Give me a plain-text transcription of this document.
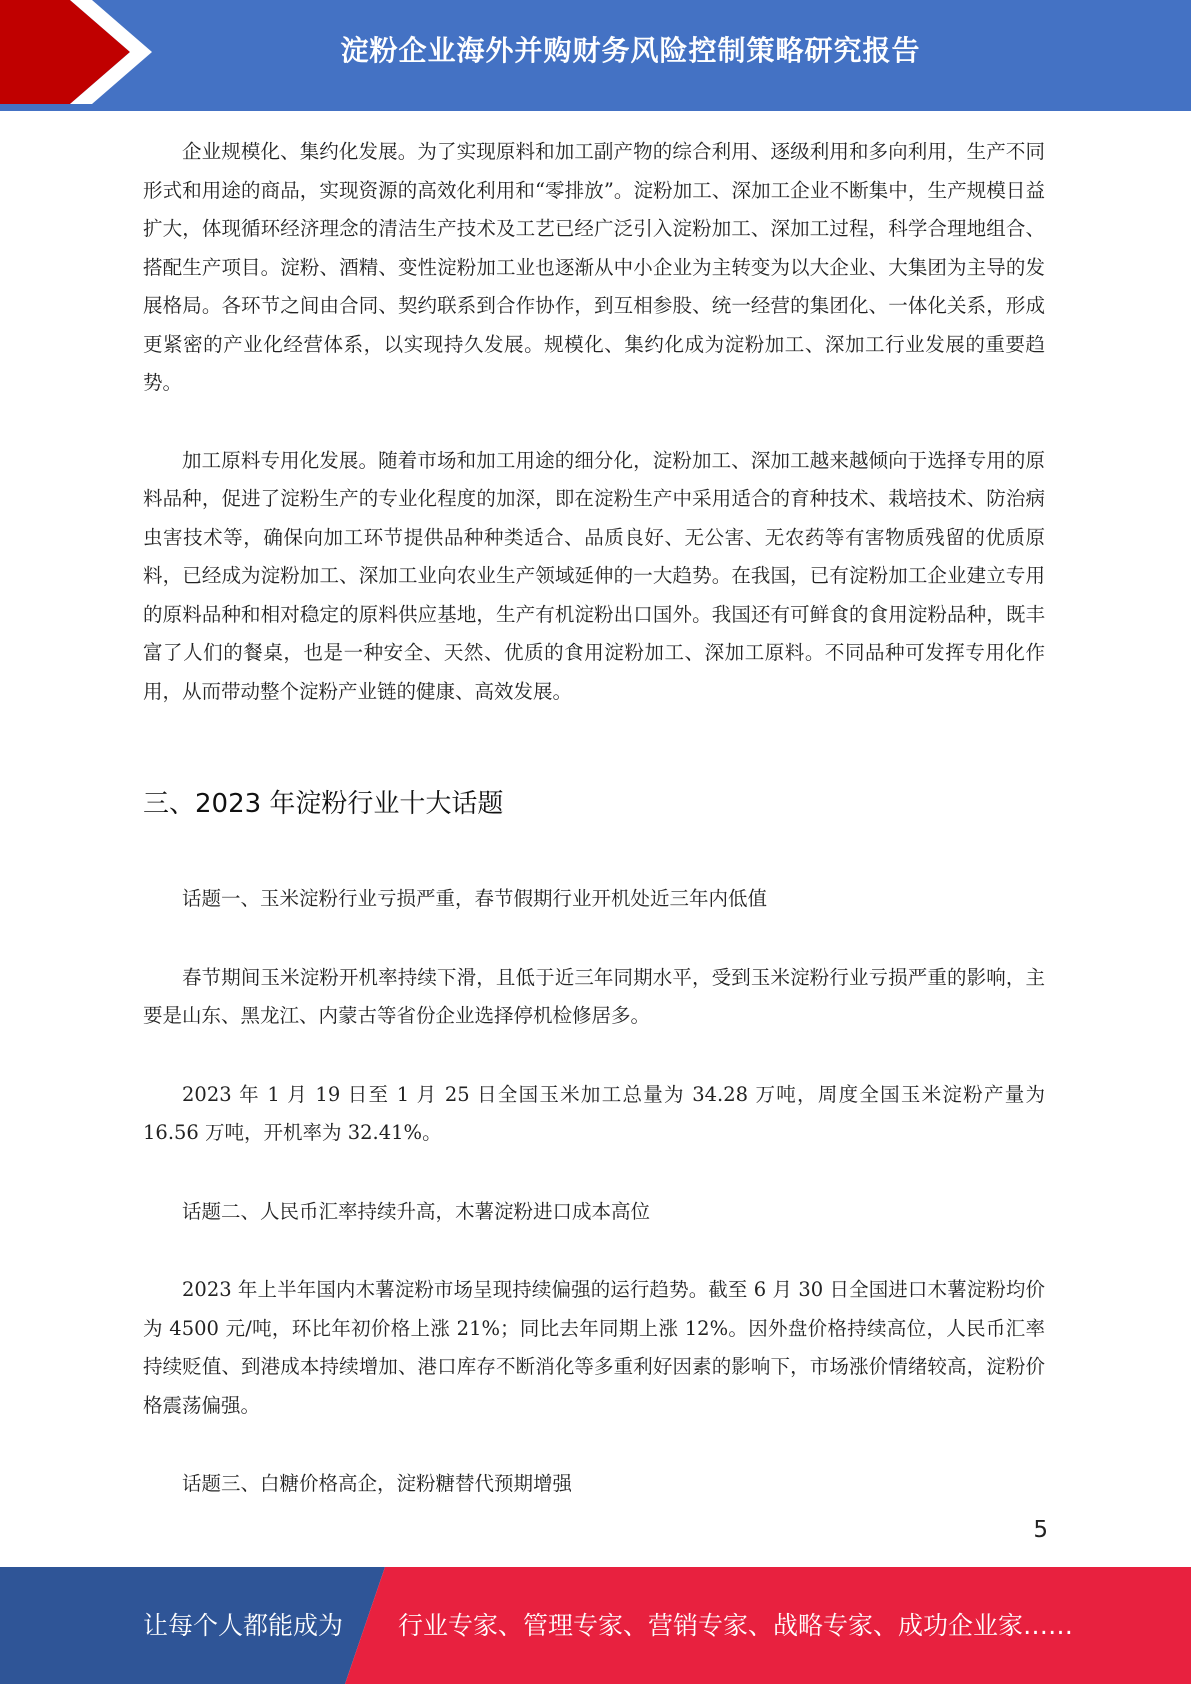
淀粉企业海外并购财务风险控制策略研究报告

企业规模化、集约化发展。为了实现原料和加工副产物的综合利用、逐级利用和多向利用，生产不同形式和用途的商品，实现资源的高效化利用和“零排放”。淀粉加工、深加工企业不断集中，生产规模日益扩大，体现循环经济理念的清洁生产技术及工艺已经广泛引入淀粉加工、深加工过程，科学合理地组合、搭配生产项目。淀粉、酒精、变性淀粉加工业也逐渐从中小企业为主转变为以大企业、大集团为主导的发展格局。各环节之间由合同、契约联系到合作协作，到互相参股、统一经营的集团化、一体化关系，形成更紧密的产业化经营体系，以实现持久发展。规模化、集约化成为淀粉加工、深加工行业发展的重要趋势。

加工原料专用化发展。随着市场和加工用途的细分化，淀粉加工、深加工越来越倾向于选择专用的原料品种，促进了淀粉生产的专业化程度的加深，即在淀粉生产中采用适合的育种技术、栽培技术、防治病虫害技术等，确保向加工环节提供品种种类适合、品质良好、无公害、无农药等有害物质残留的优质原料，已经成为淀粉加工、深加工业向农业生产领域延伸的一大趋势。在我国，已有淀粉加工企业建立专用的原料品种和相对稳定的原料供应基地，生产有机淀粉出口国外。我国还有可鲜食的食用淀粉品种，既丰富了人们的餐桌，也是一种安全、天然、优质的食用淀粉加工、深加工原料。不同品种可发挥专用化作用，从而带动整个淀粉产业链的健康、高效发展。

三、2023 年淀粉行业十大话题

话题一、玉米淀粉行业亏损严重，春节假期行业开机处近三年内低值

春节期间玉米淀粉开机率持续下滑，且低于近三年同期水平，受到玉米淀粉行业亏损严重的影响，主要是山东、黑龙江、内蒙古等省份企业选择停机检修居多。

2023 年 1 月 19 日至 1 月 25 日全国玉米加工总量为 34.28 万吨，周度全国玉米淀粉产量为 16.56 万吨，开机率为 32.41%。

话题二、人民币汇率持续升高，木薯淀粉进口成本高位

2023 年上半年国内木薯淀粉市场呈现持续偏强的运行趋势。截至 6 月 30 日全国进口木薯淀粉均价为 4500 元/吨，环比年初价格上涨 21%；同比去年同期上涨 12%。因外盘价格持续高位，人民币汇率持续贬值、到港成本持续增加、港口库存不断消化等多重利好因素的影响下，市场涨价情绪较高，淀粉价格震荡偏强。

话题三、白糖价格高企，淀粉糖替代预期增强

5
让每个人都能成为 行业专家、管理专家、营销专家、战略专家、成功企业家……
